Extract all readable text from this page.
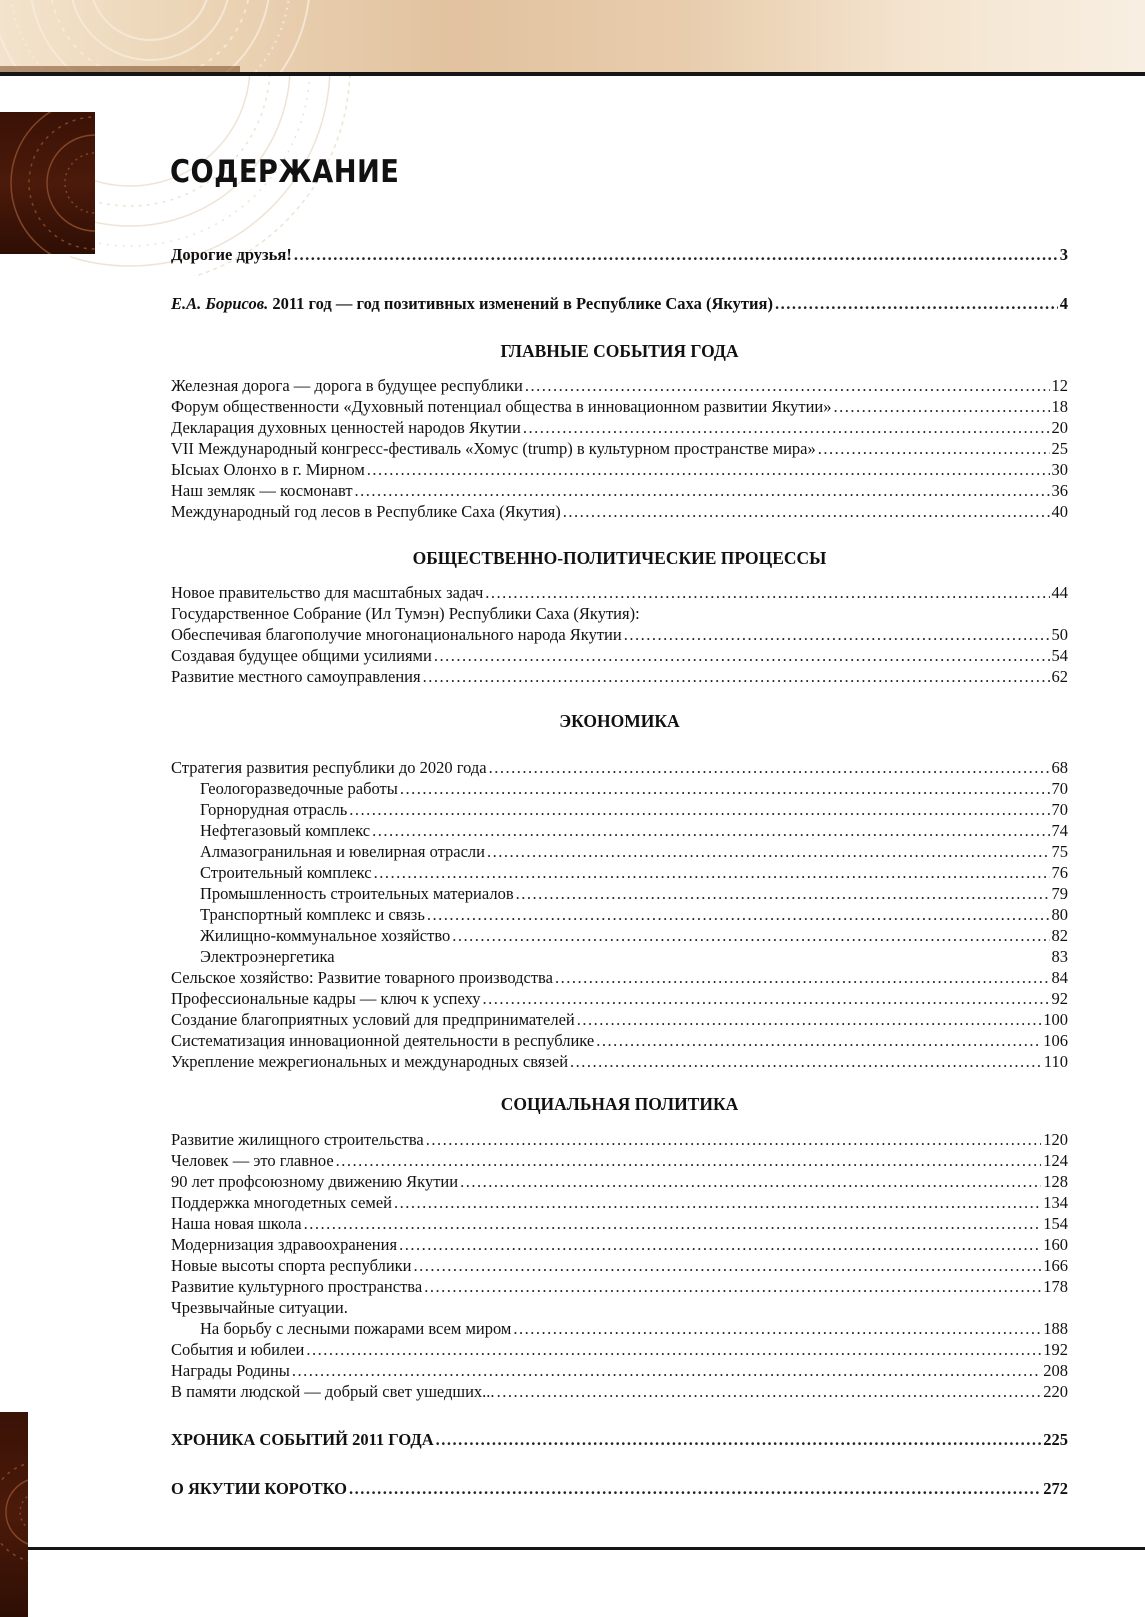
СОДЕРЖАНИЕ
Дорогие друзья! .....	3
Е.А. Борисов. 2011 год — год позитивных изменений в Республике Саха (Якутия) .....	4
ГЛАВНЫЕ СОБЫТИЯ ГОДА
Железная дорога — дорога в будущее республики .....	12
Форум общественности «Духовный потенциал общества в инновационном развитии Якутии» .....	18
Декларация духовных ценностей народов Якутии .....	20
VII Международный конгресс-фестиваль «Хомус (trump) в культурном пространстве мира» .....	25
Ысыах Олонхо в г. Мирном .....	30
Наш земляк — космонавт .....	36
Международный год лесов в Республике Саха (Якутия) .....	40
ОБЩЕСТВЕННО-ПОЛИТИЧЕСКИЕ ПРОЦЕССЫ
Новое правительство для масштабных задач .....	44
Государственное Собрание (Ил Тумэн) Республики Саха (Якутия):
Обеспечивая благополучие многонационального народа Якутии .....	50
Создавая будущее общими усилиями .....	54
Развитие местного самоуправления .....	62
ЭКОНОМИКА
Стратегия развития республики до 2020 года .....	68
Геологоразведочные работы .....	70
Горнорудная отрасль .....	70
Нефтегазовый комплекс .....	74
Алмазогранильная и ювелирная отрасли .....	75
Строительный комплекс .....	76
Промышленность строительных материалов .....	79
Транспортный комплекс и связь .....	80
Жилищно-коммунальное хозяйство .....	82
Электроэнергетика	83
Сельское хозяйство: Развитие товарного производства .....	84
Профессиональные кадры — ключ к успеху .....	92
Создание благоприятных условий для предпринимателей .....	100
Систематизация инновационной деятельности в республике .....	106
Укрепление межрегиональных и международных связей .....	110
СОЦИАЛЬНАЯ ПОЛИТИКА
Развитие жилищного строительства .....	120
Человек — это главное .....	124
90 лет профсоюзному движению Якутии .....	128
Поддержка многодетных семей .....	134
Наша новая школа .....	154
Модернизация здравоохранения .....	160
Новые высоты спорта республики .....	166
Развитие культурного пространства .....	178
Чрезвычайные ситуации.
На борьбу с лесными пожарами всем миром .....	188
События и юбилеи .....	192
Награды Родины .....	208
В памяти людской — добрый свет ушедших... .....	220
ХРОНИКА СОБЫТИЙ 2011 ГОДА .....	225
О ЯКУТИИ КОРОТКО .....	272
